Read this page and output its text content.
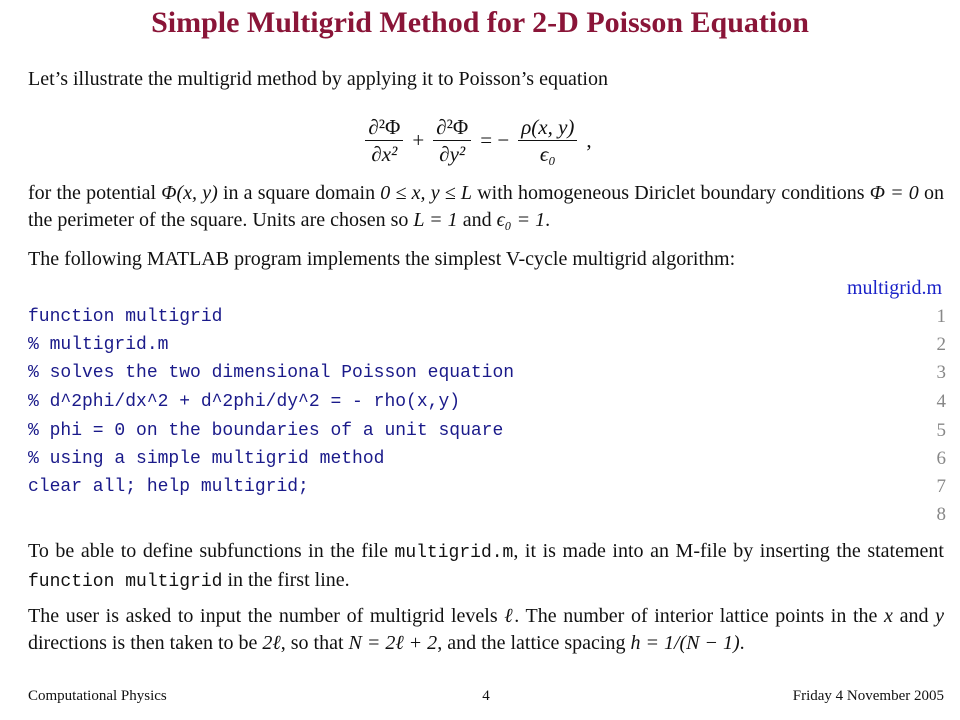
Simple Multigrid Method for 2-D Poisson Equation

Let’s illustrate the multigrid method by applying it to Poisson’s equation

$\frac{\text{∂²Φ}}{\text{∂x²}} + \frac{\text{∂²Φ}}{\text{∂y²}}$ = − $\frac{\rho(x, y)}{\text{ϵ₀}}$ ,

for the potential Φ(x, y) in a square domain 0 ≤ x, y ≤ L with homogeneous Diriclet boundary conditions Φ = 0 on the perimeter of the square. Units are chosen so L = 1 and ϵ₀ = 1.

The following MATLAB program implements the simplest V-cycle multigrid algorithm:

multigrid.m
function multigrid	1
% multigrid.m	2
% solves the two dimensional Poisson equation	3
% d^2phi/dx^2 + d^2phi/dy^2 = - rho(x,y)	4
% phi = 0 on the boundaries of a unit square	5
% using a simple multigrid method	6
clear all; help multigrid;	7
8

To be able to define subfunctions in the file multigrid.m, it is made into an M-file by inserting the statement function multigrid in the first line.

The user is asked to input the number of multigrid levels ℓ. The number of interior lattice points in the x and y directions is then taken to be 2ℓ, so that N = 2ℓ + 2, and the lattice spacing h = 1/(N − 1).

Computational Physics	4	Friday 4 November 2005
